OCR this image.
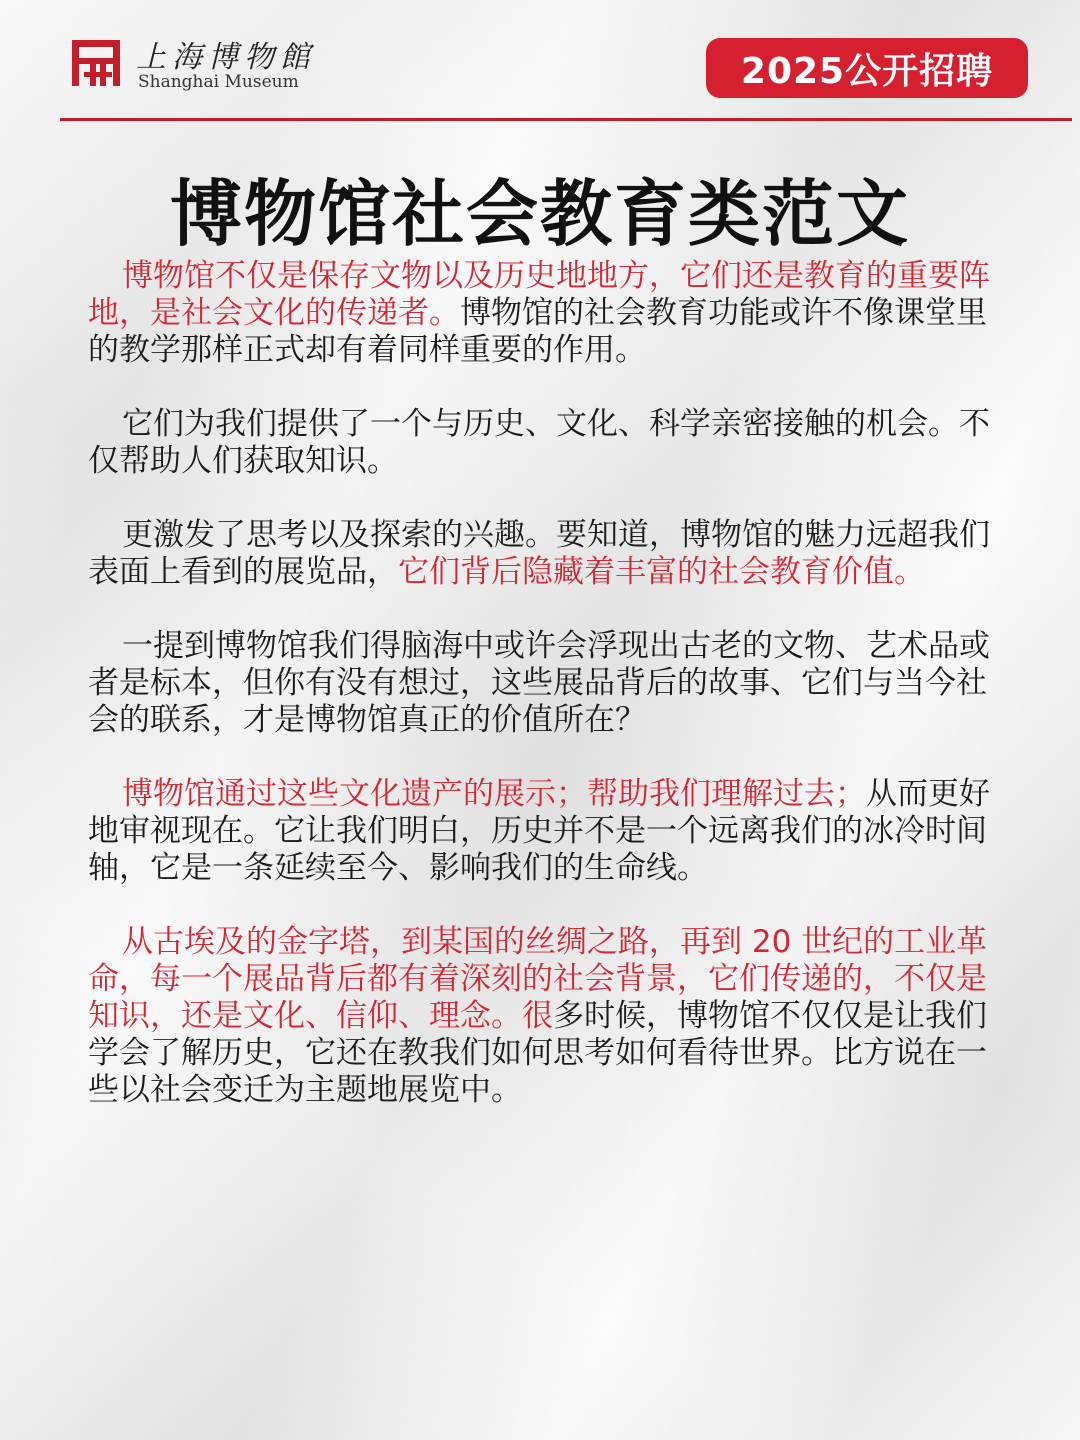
上海博物館
Shanghai Museum	2025公开招聘
博物馆社会教育类范文

博物馆不仅是保存文物以及历史地地方，它们还是教育的重要阵地，是社会文化的传递者。博物馆的社会教育功能或许不像课堂里的教学那样正式却有着同样重要的作用。

它们为我们提供了一个与历史、文化、科学亲密接触的机会。不仅帮助人们获取知识。

更激发了思考以及探索的兴趣。要知道，博物馆的魅力远超我们表面上看到的展览品，它们背后隐藏着丰富的社会教育价值。

一提到博物馆我们得脑海中或许会浮现出古老的文物、艺术品或者是标本，但你有没有想过，这些展品背后的故事、它们与当今社会的联系，才是博物馆真正的价值所在？

博物馆通过这些文化遗产的展示；帮助我们理解过去；从而更好地审视现在。它让我们明白，历史并不是一个远离我们的冰冷时间轴，它是一条延续至今、影响我们的生命线。

从古埃及的金字塔，到某国的丝绸之路，再到 20 世纪的工业革命，每一个展品背后都有着深刻的社会背景，它们传递的，不仅是知识，还是文化、信仰、理念。很多时候，博物馆不仅仅是让我们学会了解历史，它还在教我们如何思考如何看待世界。比方说在一些以社会变迁为主题地展览中。
